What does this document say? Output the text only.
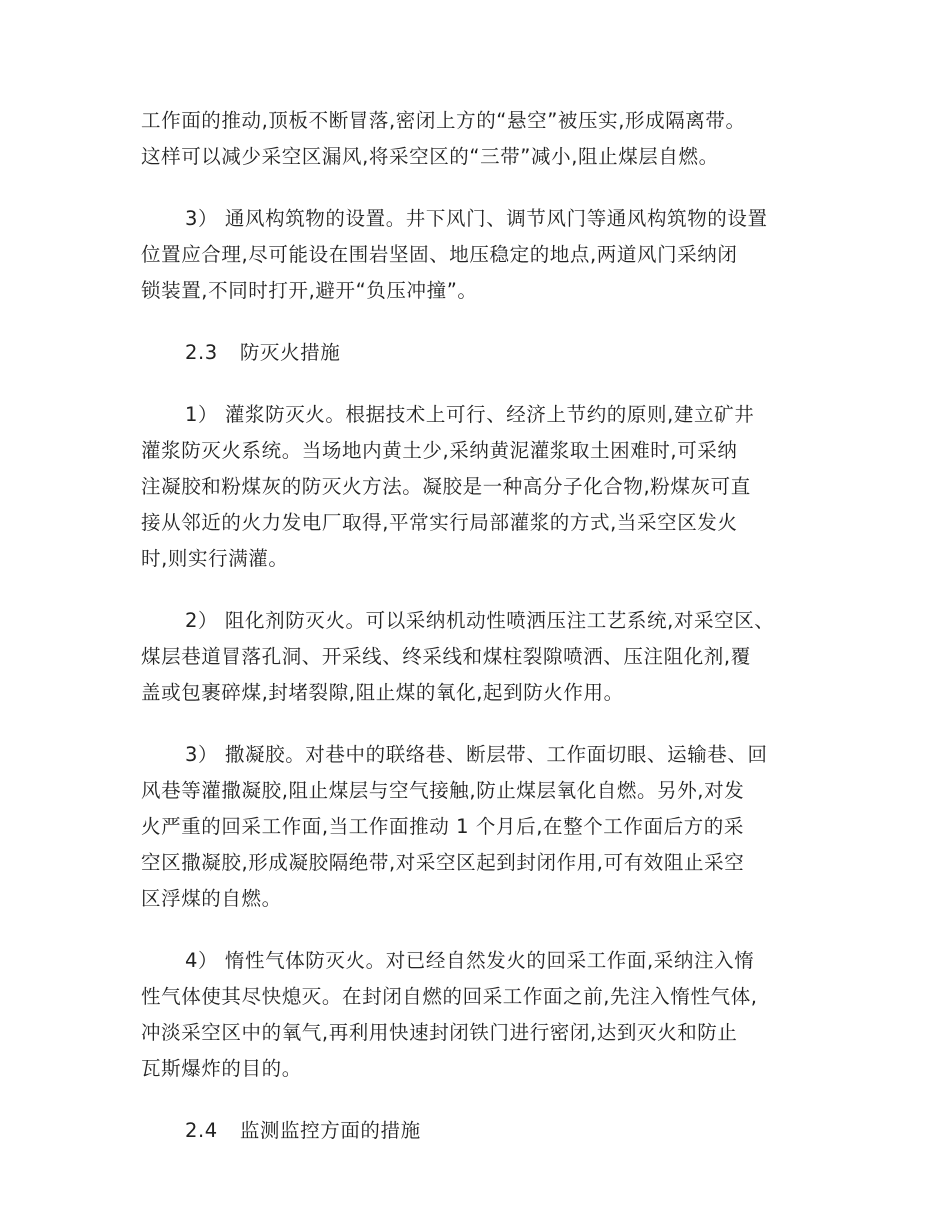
工作面的推动,顶板不断冒落,密闭上方的“悬空”被压实,形成隔离带。
这样可以减少采空区漏风,将采空区的“三带”减小,阻止煤层自燃。
3） 通风构筑物的设置。井下风门、调节风门等通风构筑物的设置
位置应合理,尽可能设在围岩坚固、地压稳定的地点,两道风门采纳闭
锁装置,不同时打开,避开“负压冲撞”。
2.3 防灭火措施
1） 灌浆防灭火。根据技术上可行、经济上节约的原则,建立矿井
灌浆防灭火系统。当场地内黄土少,采纳黄泥灌浆取土困难时,可采纳
注凝胶和粉煤灰的防灭火方法。凝胶是一种高分子化合物,粉煤灰可直
接从邻近的火力发电厂取得,平常实行局部灌浆的方式,当采空区发火
时,则实行满灌。
2） 阻化剂防灭火。可以采纳机动性喷洒压注工艺系统,对采空区、
煤层巷道冒落孔洞、开采线、终采线和煤柱裂隙喷洒、压注阻化剂,覆
盖或包裹碎煤,封堵裂隙,阻止煤的氧化,起到防火作用。
3） 撒凝胶。对巷中的联络巷、断层带、工作面切眼、运输巷、回
风巷等灌撒凝胶,阻止煤层与空气接触,防止煤层氧化自燃。另外,对发
火严重的回采工作面,当工作面推动 1 个月后,在整个工作面后方的采
空区撒凝胶,形成凝胶隔绝带,对采空区起到封闭作用,可有效阻止采空
区浮煤的自燃。
4） 惰性气体防灭火。对已经自然发火的回采工作面,采纳注入惰
性气体使其尽快熄灭。在封闭自燃的回采工作面之前,先注入惰性气体,
冲淡采空区中的氧气,再利用快速封闭铁门进行密闭,达到灭火和防止
瓦斯爆炸的目的。
2.4 监测监控方面的措施
